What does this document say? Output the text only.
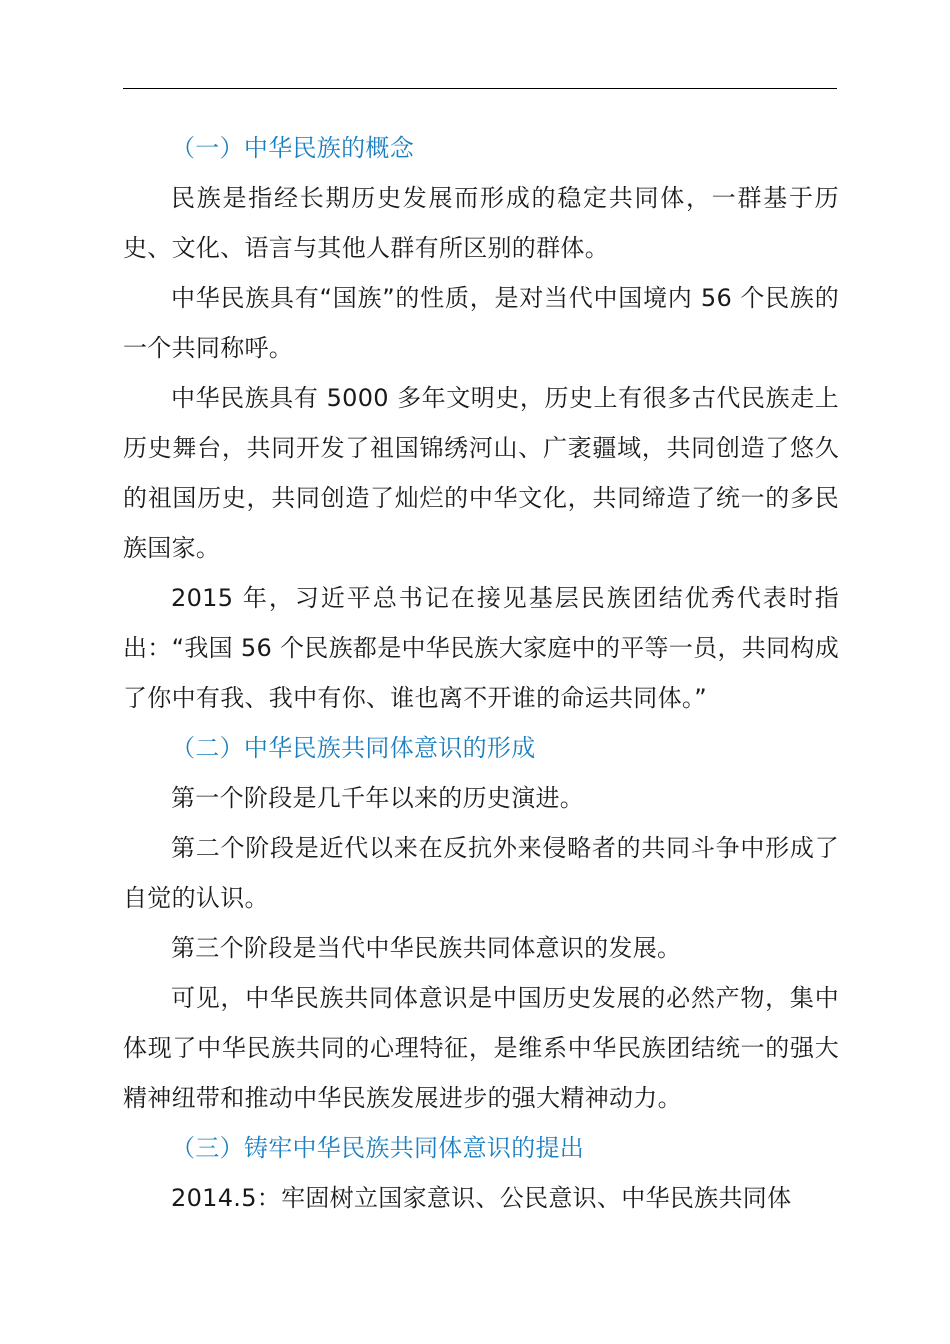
（一）中华民族的概念

民族是指经长期历史发展而形成的稳定共同体，一群基于历史、文化、语言与其他人群有所区别的群体。

中华民族具有“国族”的性质，是对当代中国境内 56 个民族的一个共同称呼。

中华民族具有 5000 多年文明史，历史上有很多古代民族走上历史舞台，共同开发了祖国锦绣河山、广袤疆域，共同创造了悠久的祖国历史，共同创造了灿烂的中华文化，共同缔造了统一的多民族国家。

2015 年，习近平总书记在接见基层民族团结优秀代表时指出：“我国 56 个民族都是中华民族大家庭中的平等一员，共同构成了你中有我、我中有你、谁也离不开谁的命运共同体。”

（二）中华民族共同体意识的形成

第一个阶段是几千年以来的历史演进。

第二个阶段是近代以来在反抗外来侵略者的共同斗争中形成了自觉的认识。

第三个阶段是当代中华民族共同体意识的发展。

可见，中华民族共同体意识是中国历史发展的必然产物，集中体现了中华民族共同的心理特征，是维系中华民族团结统一的强大精神纽带和推动中华民族发展进步的强大精神动力。

（三）铸牢中华民族共同体意识的提出

2014.5：牢固树立国家意识、公民意识、中华民族共同体
